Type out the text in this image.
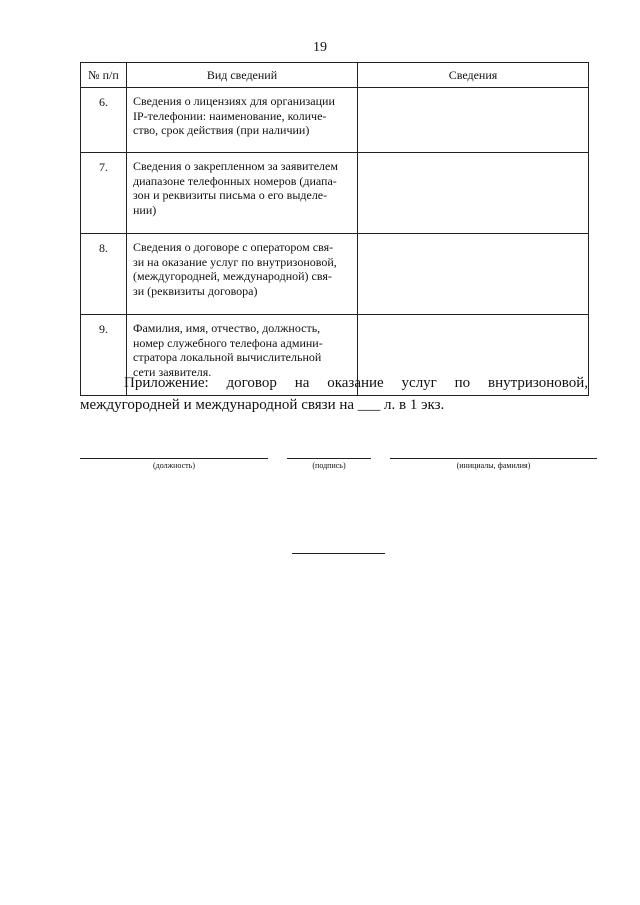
19
№ п/п	Вид сведений	Сведения
6.	Сведения о лицензиях для организации
IP-телефонии: наименование, количе-
ство, срок действия (при наличии)	

7.	Сведения о закрепленном за заявителем
диапазоне телефонных номеров (диапа-
зон и реквизиты письма о его выделе-
нии)	

8.	Сведения о договоре с оператором свя-
зи на оказание услуг по внутризоновой,
(междугородней, международной) свя-
зи (реквизиты договора)	

9.	Фамилия, имя, отчество, должность,
номер служебного телефона админи-
стратора локальной вычислительной
сети заявителя.	

Приложение: договор на оказание услуг по внутризоновой, междугородней и международной связи на ___ л. в 1 экз.
(должность)	(подпись)	(инициалы, фамилия)
